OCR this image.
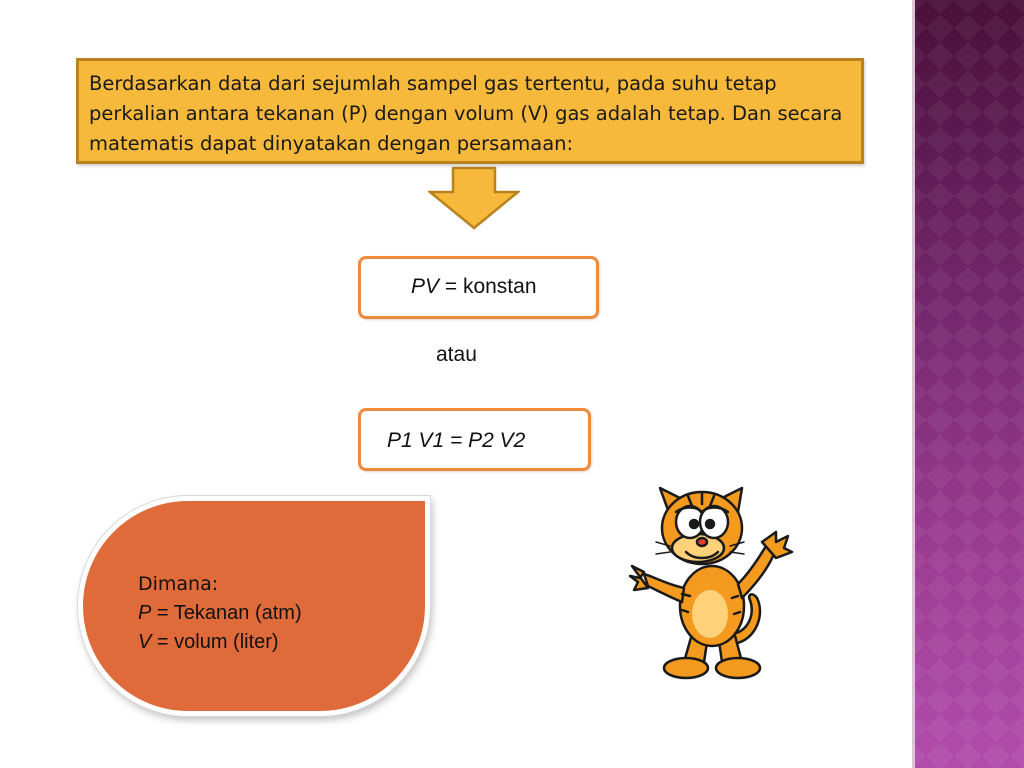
Berdasarkan data dari sejumlah sampel gas tertentu, pada suhu tetap perkalian antara tekanan (P) dengan volum (V) gas adalah tetap. Dan secara matematis dapat dinyatakan dengan persamaan:
PV = konstan
atau
P1 V1 = P2 V2
Dimana:
P = Tekanan (atm)
V = volum (liter)
